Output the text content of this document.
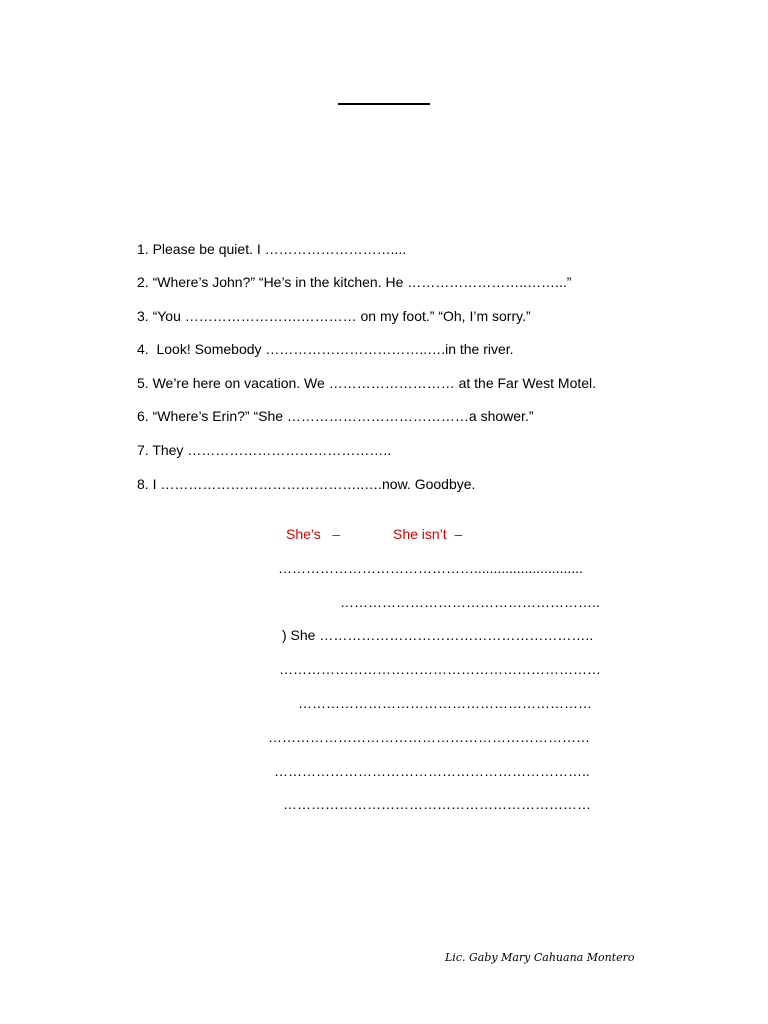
1. Please be quiet. I ………………………....
2. “Where’s John?” “He’s in the kitchen. He ……………………..……...”
3. “You …………………….………… on my foot.” “Oh, I’m sorry.”
4.  Look! Somebody ……………………………..….in the river.
5. We’re here on vacation. We ……………………… at the Far West Motel.
6. “Where’s Erin?” “She …………………………………a shower.”
7. They ……………………………………..
8. I ……………………………………..….now. Goodbye.

She’s   –

	She isn’t  –

……………………………………............................
………………………………………………..
) She …………………………………………………..
……………………………………………………………
………………………………………………………
……………………………………………………………
…………………………………………………………..
…………………………………………………………
Lic. Gaby Mary Cahuana Montero
